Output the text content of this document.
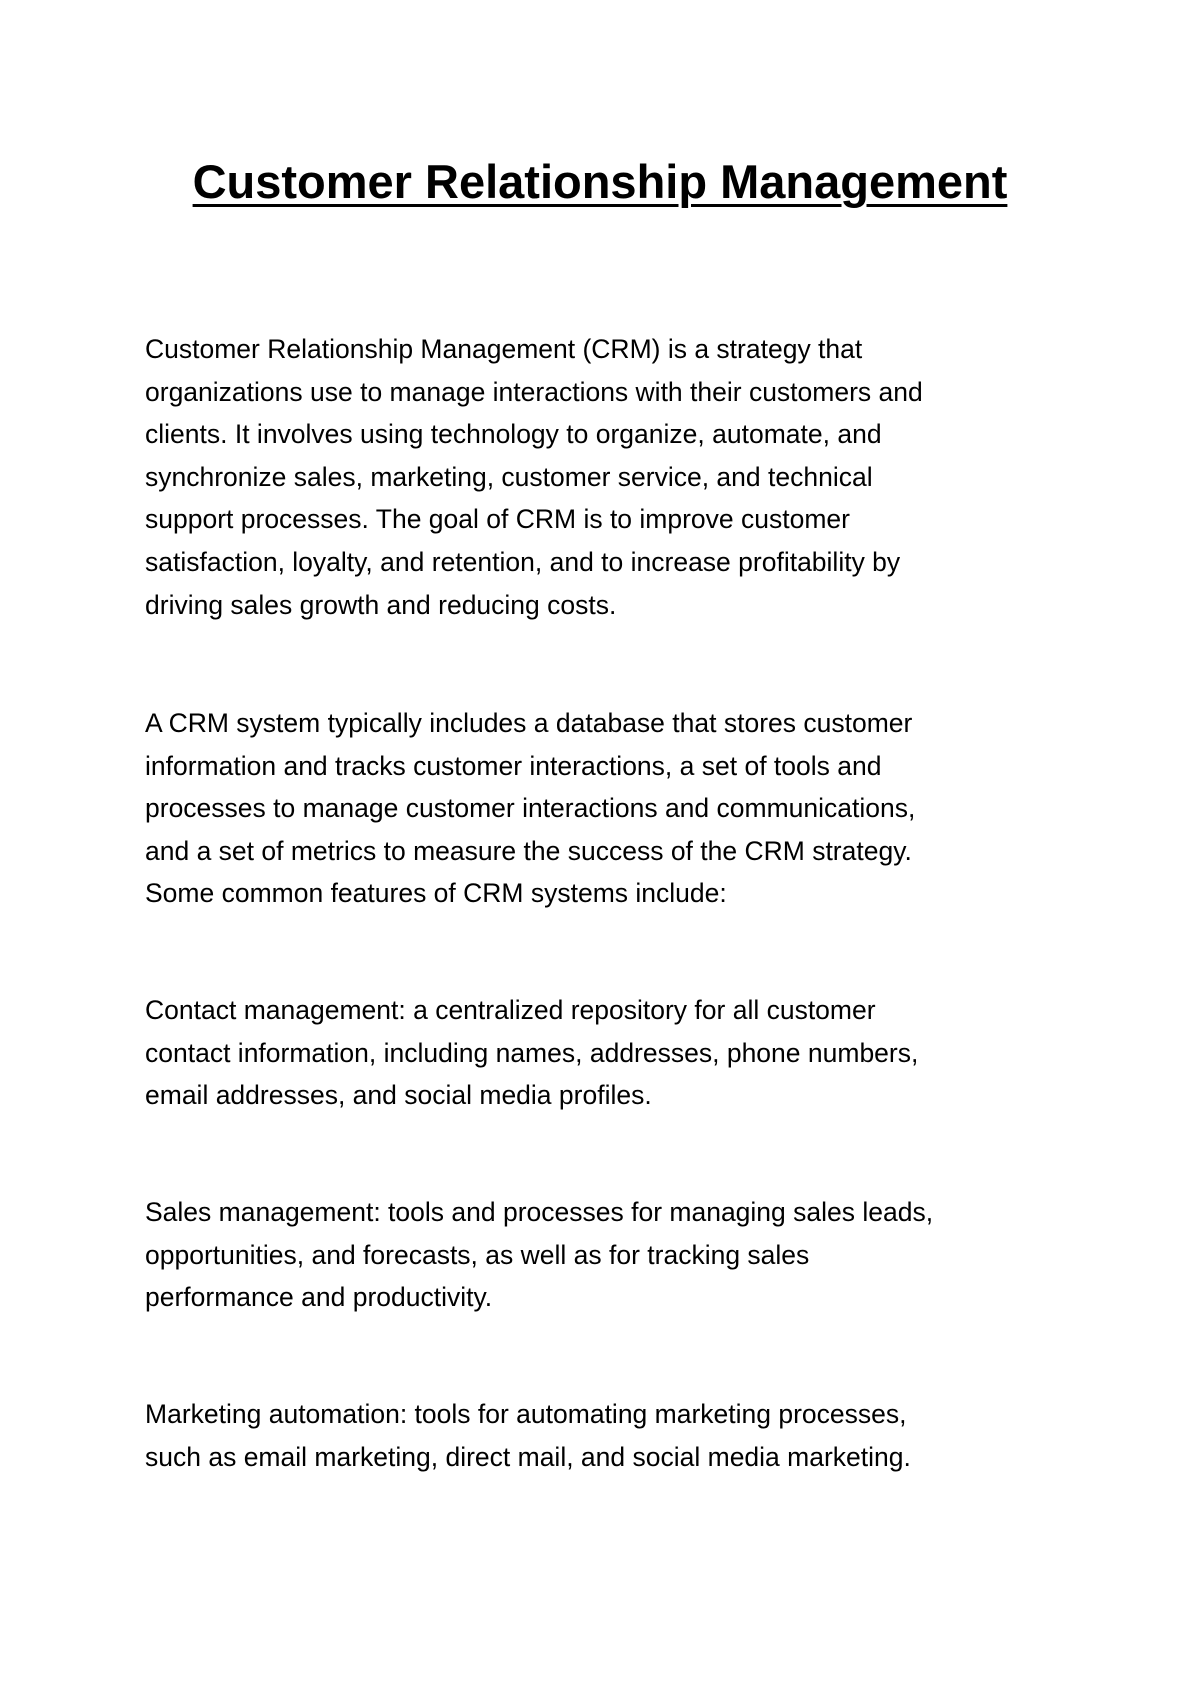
Customer Relationship Management

Customer Relationship Management (CRM) is a strategy that
organizations use to manage interactions with their customers and
clients. It involves using technology to organize, automate, and
synchronize sales, marketing, customer service, and technical
support processes. The goal of CRM is to improve customer
satisfaction, loyalty, and retention, and to increase profitability by
driving sales growth and reducing costs.

A CRM system typically includes a database that stores customer
information and tracks customer interactions, a set of tools and
processes to manage customer interactions and communications,
and a set of metrics to measure the success of the CRM strategy.
Some common features of CRM systems include:

Contact management: a centralized repository for all customer
contact information, including names, addresses, phone numbers,
email addresses, and social media profiles.

Sales management: tools and processes for managing sales leads,
opportunities, and forecasts, as well as for tracking sales
performance and productivity.

Marketing automation: tools for automating marketing processes,
such as email marketing, direct mail, and social media marketing.
